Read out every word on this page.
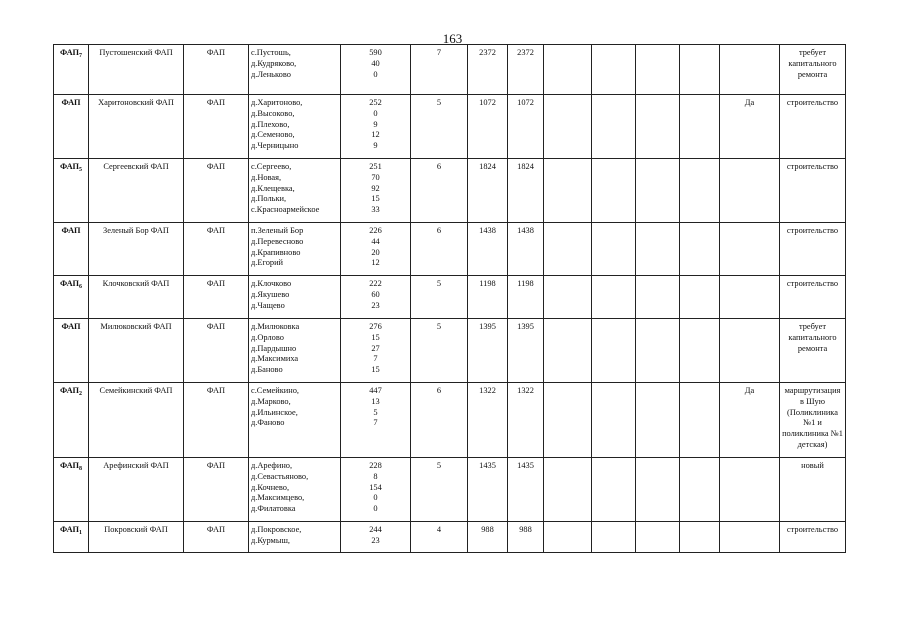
163
$ФАП_7$	Пустошенский ФАП	ФАП	с.Пустошь,
д.Кудряково,
д.Леньково	590
40
0	7	2372	2372						требует капитального ремонта
ФАП	Харитоновский ФАП	ФАП	д.Харитоново,
д.Высоково,
д.Плехово,
д.Семеново,
д.Черницыно	252
0
9
12
9	5	1072	1072					Да	строительство
$ФАП_5$	Сергеевский ФАП	ФАП	с.Сергеево,
д.Новая,
д.Клещевка,
д.Польки,
с.Красноармейское	251
70
92
15
33	6	1824	1824						строительство
ФАП	Зеленый Бор ФАП	ФАП	п.Зеленый Бор
д.Перевесново
д.Крапивново
д.Егорий	226
44
20
12	6	1438	1438						строительство
$ФАП_6$	Клочковский ФАП	ФАП	д.Клочково
д.Якушево
д.Чащево	222
60
23	5	1198	1198						строительство
ФАП	Милюковский ФАП	ФАП	д.Милюковка
д.Орлово
д.Пардышно
д.Максимиха
д.Баново	276
15
27
7
15	5	1395	1395						требует капитального ремонта
$ФАП_2$	Семейкинский ФАП	ФАП	с.Семейкино,
д.Марково,
д.Ильинское,
д.Фаново	447
13
5
7	6	1322	1322					Да	маршрутизация в Шую (Поликлиника №1 и поликлиника №1 детская)
$ФАП_8$	Арефинский ФАП	ФАП	д.Арефино,
д.Севастьяново,
д.Кочнево,
д.Максимцево,
д.Филатовка	228
8
154
0
0	5	1435	1435						новый
$ФАП_1$	Покровский ФАП	ФАП	д.Покровское,
д.Курмыш,	244
23	4	988	988						строительство
